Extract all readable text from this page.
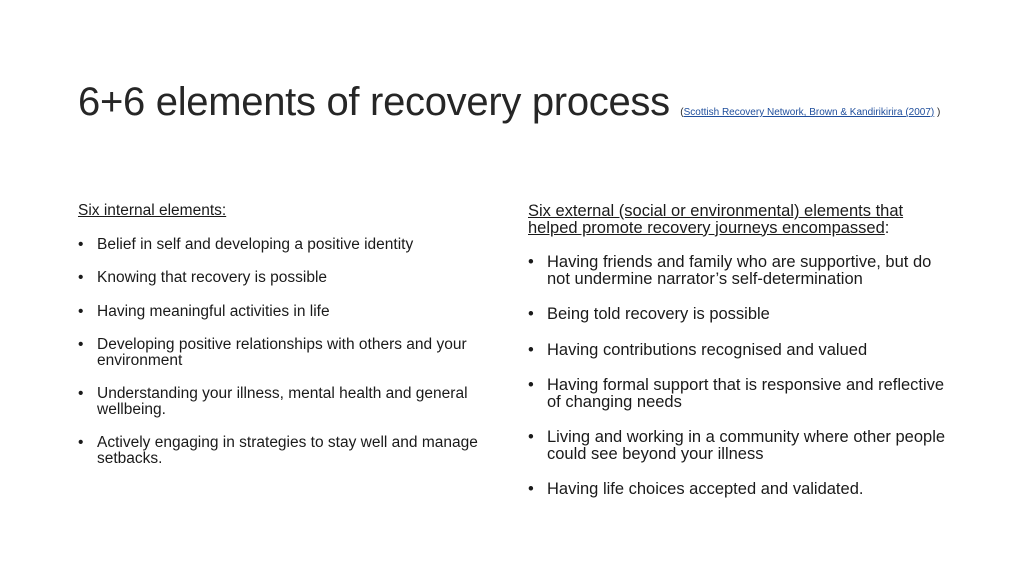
6+6 elements of recovery process (Scottish Recovery Network, Brown & Kandirikirira (2007) )

Six internal elements:

• Belief in self and developing a positive identity
• Knowing that recovery is possible
• Having meaningful activities in life
• Developing positive relationships with others and your environment
• Understanding your illness, mental health and general wellbeing.
• Actively engaging in strategies to stay well and manage setbacks.

Six external (social or environmental) elements that helped promote recovery journeys encompassed:

• Having friends and family who are supportive, but do not undermine narrator’s self-determination
• Being told recovery is possible
• Having contributions recognised and valued
• Having formal support that is responsive and reflective of changing needs
• Living and working in a community where other people could see beyond your illness
• Having life choices accepted and validated.
